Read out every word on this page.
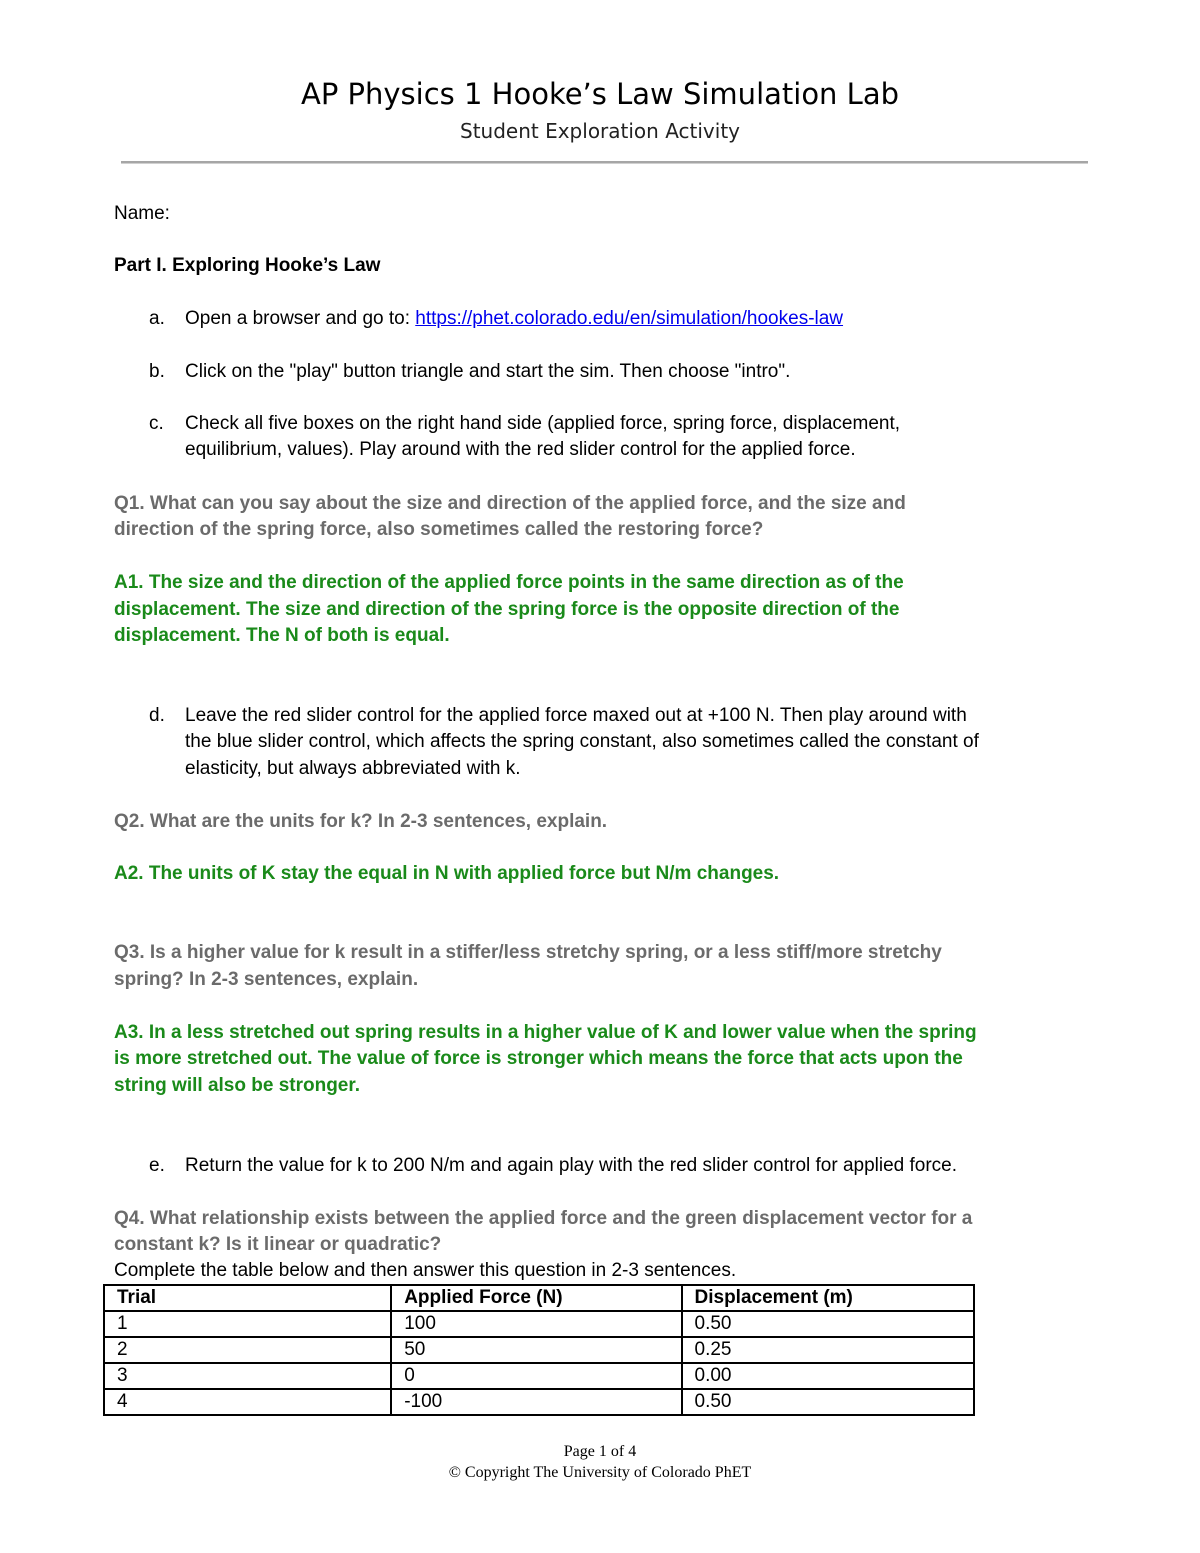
AP Physics 1 Hooke’s Law Simulation Lab
Student Exploration Activity
Name:
Part I. Exploring Hooke’s Law
a. Open a browser and go to: https://phet.colorado.edu/en/simulation/hookes-law
b. Click on the "play" button triangle and start the sim. Then choose "intro".
c. Check all five boxes on the right hand side (applied force, spring force, displacement,
equilibrium, values). Play around with the red slider control for the applied force.
Q1. What can you say about the size and direction of the applied force, and the size and
direction of the spring force, also sometimes called the restoring force?
A1. The size and the direction of the applied force points in the same direction as of the
displacement. The size and direction of the spring force is the opposite direction of the
displacement. The N of both is equal.
d. Leave the red slider control for the applied force maxed out at +100 N. Then play around with
the blue slider control, which affects the spring constant, also sometimes called the constant of
elasticity, but always abbreviated with k.
Q2. What are the units for k? In 2-3 sentences, explain.
A2. The units of K stay the equal in N with applied force but N/m changes.
Q3. Is a higher value for k result in a stiffer/less stretchy spring, or a less stiff/more stretchy
spring? In 2-3 sentences, explain.
A3. In a less stretched out spring results in a higher value of K and lower value when the spring
is more stretched out. The value of force is stronger which means the force that acts upon the
string will also be stronger.
e. Return the value for k to 200 N/m and again play with the red slider control for applied force.
Q4. What relationship exists between the applied force and the green displacement vector for a
constant k? Is it linear or quadratic?
Complete the table below and then answer this question in 2-3 sentences.
Trial	Applied Force (N)	Displacement (m)
1	100	0.50
2	50	0.25
3	0	0.00
4	-100	0.50
Page 1 of 4
© Copyright The University of Colorado PhET
